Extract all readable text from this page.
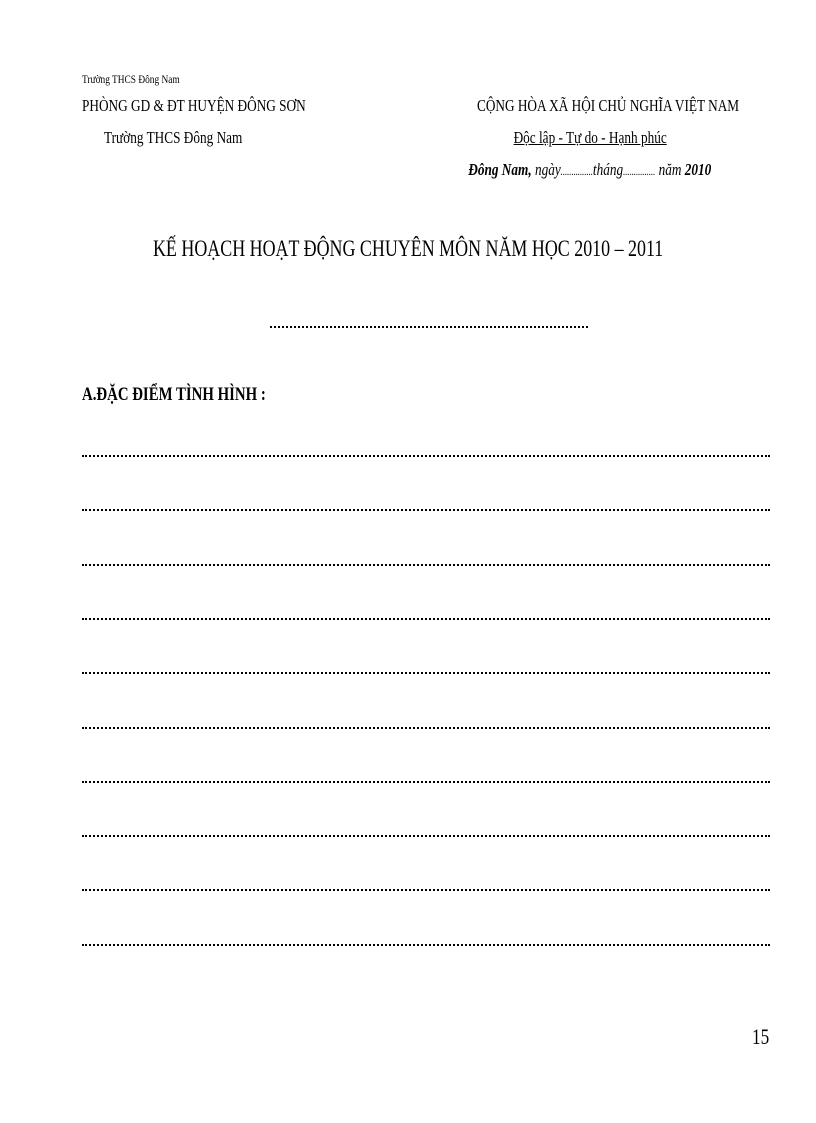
Trường THCS Đông Nam
PHÒNG GD & ĐT HUYỆN ĐÔNG SƠN
Trường THCS Đông Nam
CỘNG HÒA XÃ HỘI CHỦ NGHĨA VIỆT NAM
Độc lập - Tự do - Hạnh phúc
Đông Nam, ngày...............tháng............... năm 2010
KẾ HOẠCH HOẠT ĐỘNG CHUYÊN MÔN NĂM HỌC 2010 – 2011
A.ĐẶC ĐIỂM TÌNH HÌNH :
15
